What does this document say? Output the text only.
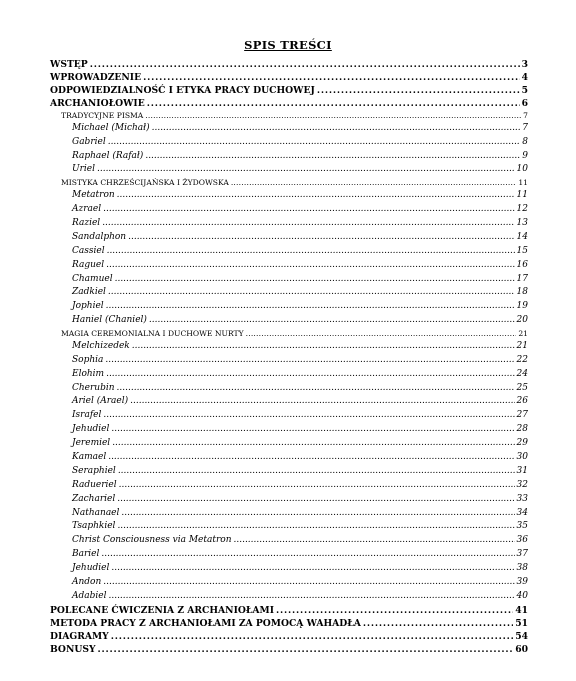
SPIS TREŚCI
WSTĘP .....	3
WPROWADZENIE .....	4
ODPOWIEDZIALNOŚĆ I ETYKA PRACY DUCHOWEJ .....	5
ARCHANIOŁOWIE .....	6
TRADYCYJNE PISMA .....	7
Michael (Michał) .....	7
Gabriel .....	8
Raphael (Rafał) .....	9
Uriel .....	10
MISTYKA CHRZEŚCIJAŃSKA I ŻYDOWSKA .....	11
Metatron .....	11
Azrael .....	12
Raziel .....	13
Sandalphon .....	14
Cassiel .....	15
Raguel .....	16
Chamuel .....	17
Zadkiel .....	18
Jophiel .....	19
Haniel (Chaniel) .....	20
MAGIA CEREMONIALNA I DUCHOWE NURTY .....	21
Melchizedek .....	21
Sophia .....	22
Elohim .....	24
Cherubin .....	25
Ariel (Arael) .....	26
Israfel .....	27
Jehudiel .....	28
Jeremiel .....	29
Kamael .....	30
Seraphiel .....	31
Radueriel .....	32
Zachariel .....	33
Nathanael .....	34
Tsaphkiel .....	35
Christ Consciousness via Metatron .....	36
Bariel .....	37
Jehudiel .....	38
Andon .....	39
Adabiel .....	40
POLECANE ĆWICZENIA Z ARCHANIOŁAMI .....	41
METODA PRACY Z ARCHANIOŁAMI ZA POMOCĄ WAHADŁA .....	51
DIAGRAMY .....	54
BONUSY .....	60
